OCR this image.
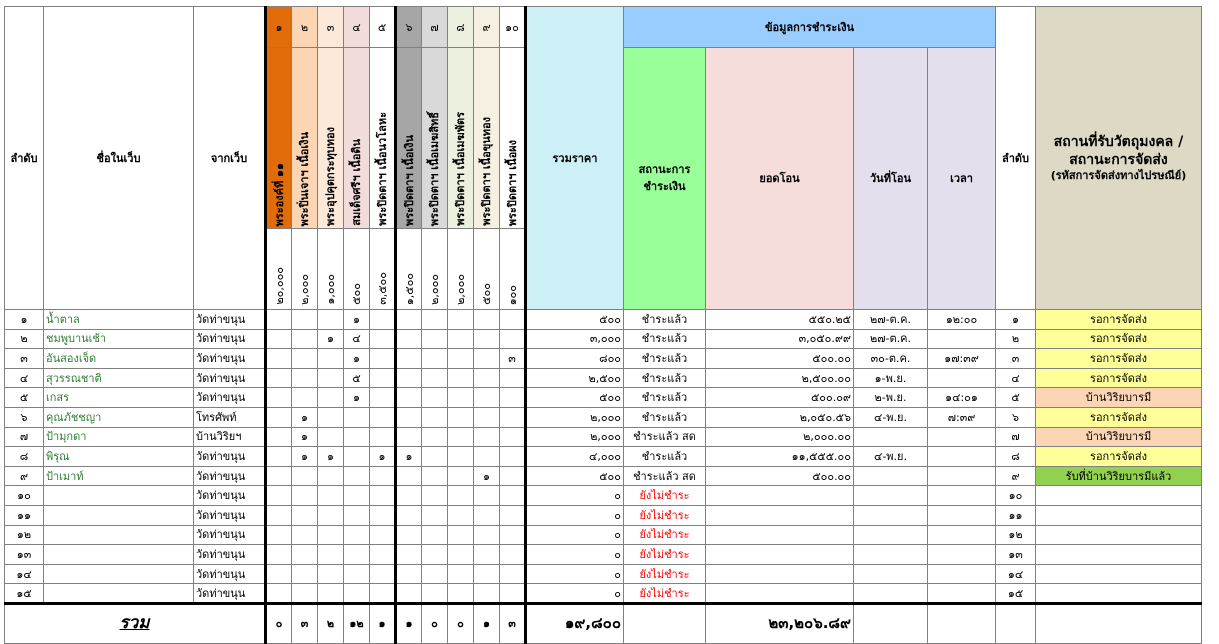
ลำดับ	ชื่อในเว็บ	จากเว็บ	๑	๒	๓	๔	๕	๖	๗	๘	๙	๑๐	รวมราคา	ข้อมูลการชำระเงิน				ลำดับ	สถานที่รับวัตถุมงคล / สถานะการจัดส่ง
(รหัสการจัดส่งทางไปรษณีย์)

			พระองค์ที่ ๑๑	พระปิ่นเจาฯ เนื้อเงิน	พระอุปคุตกระทุบทอง	สมเด็จศรีฯ เนื้อดิน	พระปิดตาฯ เนื้อนวโลหะ	พระปิดตาฯ เนื้อเงิน	พระปิดตาฯ เนื้อเมฆสิทธิ์	พระปิดตาฯ เนื้อเมฆพัตร	พระปิดตาฯ เนื้อขุนทอง	พระปิดตาฯ เนื้อผง		สถานะการชำระเงิน	ยอดโอน	วันที่โอน	เวลา		
			๒๐,๐๐๐	๒,๐๐๐	๑,๐๐๐	๕๐๐	๓,๕๐๐	๑,๕๐๐	๒,๐๐๐	๒,๐๐๐	๕๐๐	๑๐๐							
๑	น้ำตาล	วัดท่าขนุน				๑							๕๐๐	ชำระแล้ว	๕๕๐.๒๕	๒๗-ต.ค.	๑๒:๐๐	๑	รอการจัดส่ง
๒	ชมพูบานเช้า	วัดท่าขนุน			๑	๔							๓,๐๐๐	ชำระแล้ว	๓,๐๕๐.๙๙	๒๗-ต.ค.		๒	รอการจัดส่ง
๓	อันสองเจ็ด	วัดท่าขนุน				๑						๓	๘๐๐	ชำระแล้ว	๕๐๐.๐๐	๓๐-ต.ค.	๑๗:๓๙	๓	รอการจัดส่ง
๔	สุวรรณชาติ	วัดท่าขนุน				๕							๒,๕๐๐	ชำระแล้ว	๒,๕๐๐.๐๐	๑-พ.ย.		๔	รอการจัดส่ง
๕	เกสร	วัดท่าขนุน				๑							๕๐๐	ชำระแล้ว	๕๐๐.๐๙	๒-พ.ย.	๑๔:๐๑	๕	บ้านวิริยบารมี
๖	คุณภัชชญา	โทรศัพท์		๑									๒,๐๐๐	ชำระแล้ว	๒,๐๕๐.๕๖	๔-พ.ย.	๗:๓๙	๖	รอการจัดส่ง
๗	ป้ามุกดา	บ้านวิริยฯ		๑									๒,๐๐๐	ชำระแล้ว สด	๒,๐๐๐.๐๐			๗	บ้านวิริยบารมี
๘	พิรุณ	วัดท่าขนุน		๑	๑		๑	๑					๔,๐๐๐	ชำระแล้ว	๑๑,๕๕๕.๐๐	๔-พ.ย.		๘	รอการจัดส่ง
๙	ป้าเมาท์	วัดท่าขนุน									๑		๕๐๐	ชำระแล้ว สด	๕๐๐.๐๐			๙	รับที่บ้านวิริยบารมีแล้ว
๑๐		วัดท่าขนุน											๐	ยังไม่ชำระ				๑๐	
๑๑		วัดท่าขนุน											๐	ยังไม่ชำระ				๑๑	
๑๒		วัดท่าขนุน											๐	ยังไม่ชำระ				๑๒	
๑๓		วัดท่าขนุน											๐	ยังไม่ชำระ				๑๓	
๑๔		วัดท่าขนุน											๐	ยังไม่ชำระ				๑๔	
๑๕		วัดท่าขนุน											๐	ยังไม่ชำระ				๑๕	
รวม			๐	๓	๒	๑๒	๑	๑	๐	๐	๑	๓	๑๙,๘๐๐		๒๓,๒๐๖.๘๙				
